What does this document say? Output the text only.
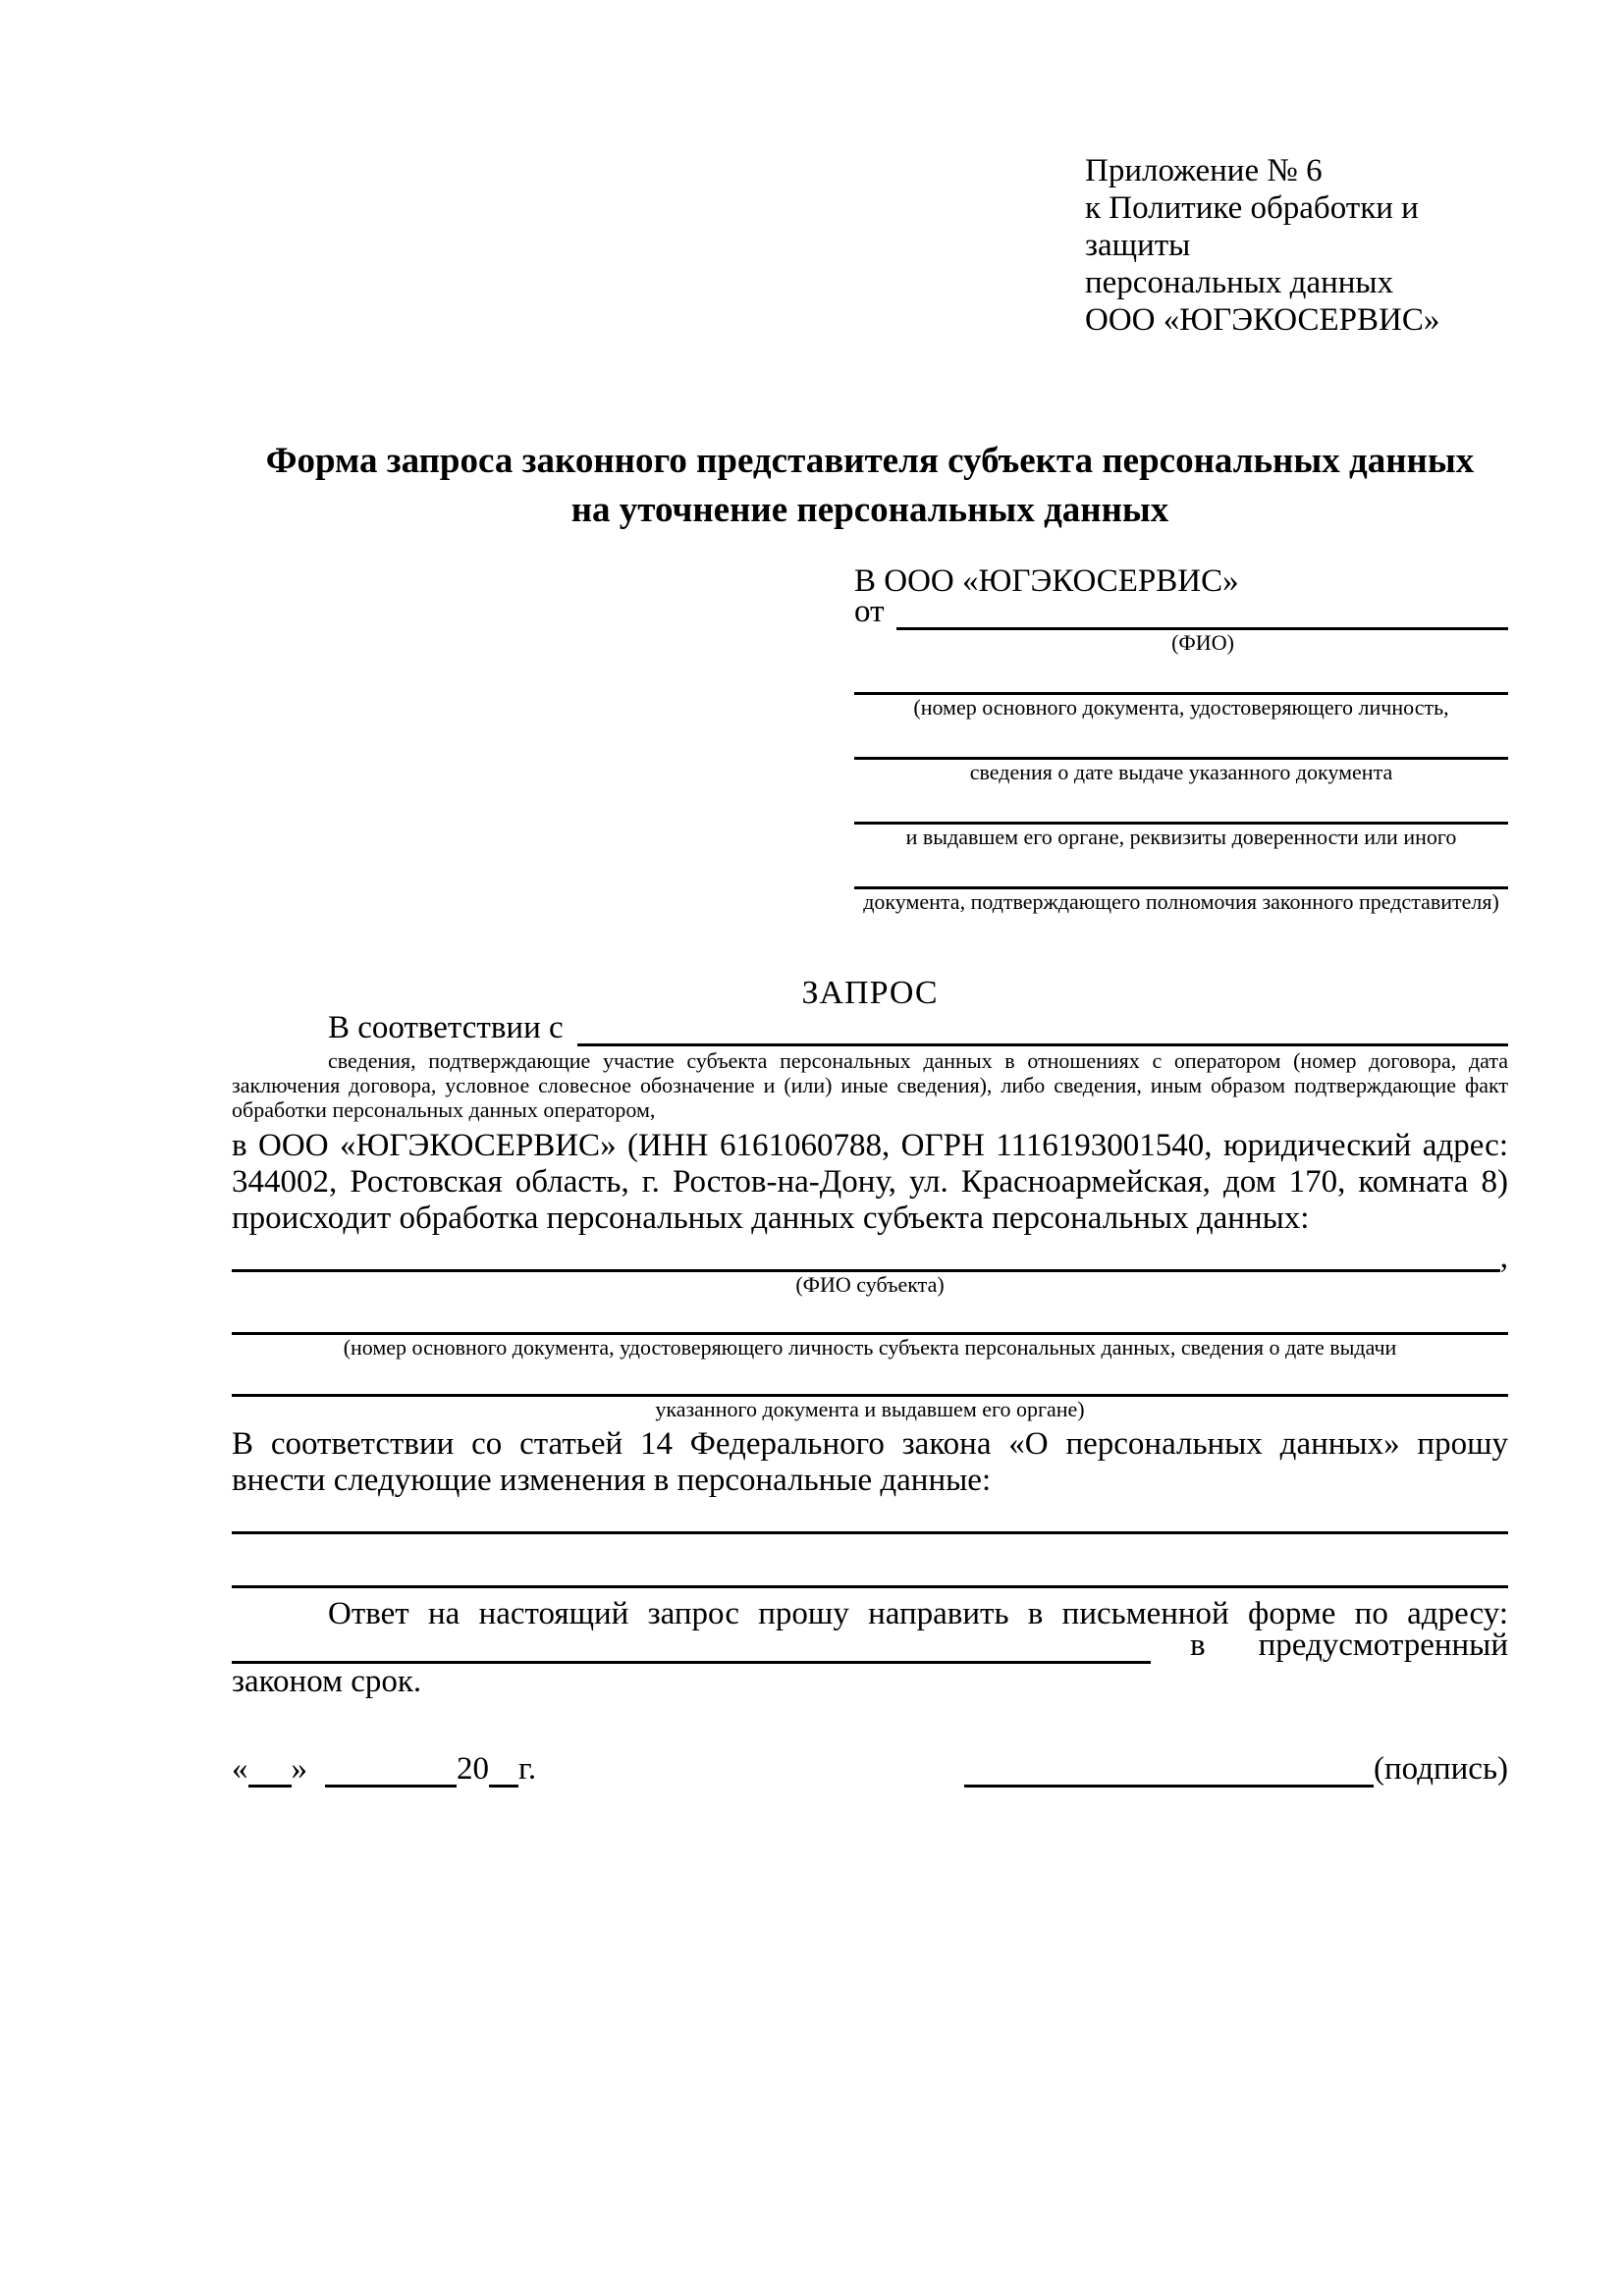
Приложение № 6
к Политике обработки и защиты
персональных данных
ООО «ЮГЭКОСЕРВИС»
Форма запроса законного представителя субъекта персональных данных
на уточнение персональных данных
В ООО «ЮГЭКОСЕРВИС»
от
(ФИО)
(номер основного документа, удостоверяющего личность,
сведения о дате выдаче указанного документа
и выдавшем его органе, реквизиты доверенности или иного
документа, подтверждающего полномочия законного представителя)
ЗАПРОС
В соответствии с
сведения, подтверждающие участие субъекта персональных данных в отношениях с оператором (номер договора, дата заключения договора, условное словесное обозначение и (или) иные сведения), либо сведения, иным образом подтверждающие факт обработки персональных данных оператором,
в ООО «ЮГЭКОСЕРВИС» (ИНН 6161060788, ОГРН 1116193001540, юридический адрес: 344002, Ростовская область, г. Ростов-на-Дону, ул. Красноармейская, дом 170, комната 8) происходит обработка персональных данных субъекта персональных данных:
,
(ФИО субъекта)
(номер основного документа, удостоверяющего личность субъекта персональных данных, сведения о дате выдачи
указанного документа и выдавшем его органе)
В соответствии со статьей 14 Федерального закона «О персональных данных» прошу внести следующие изменения в персональные данные:
Ответ на настоящий запрос прошу направить в письменной форме по адресу:
в предусмотренный
законом срок.
« »	20 г.	(подпись)
